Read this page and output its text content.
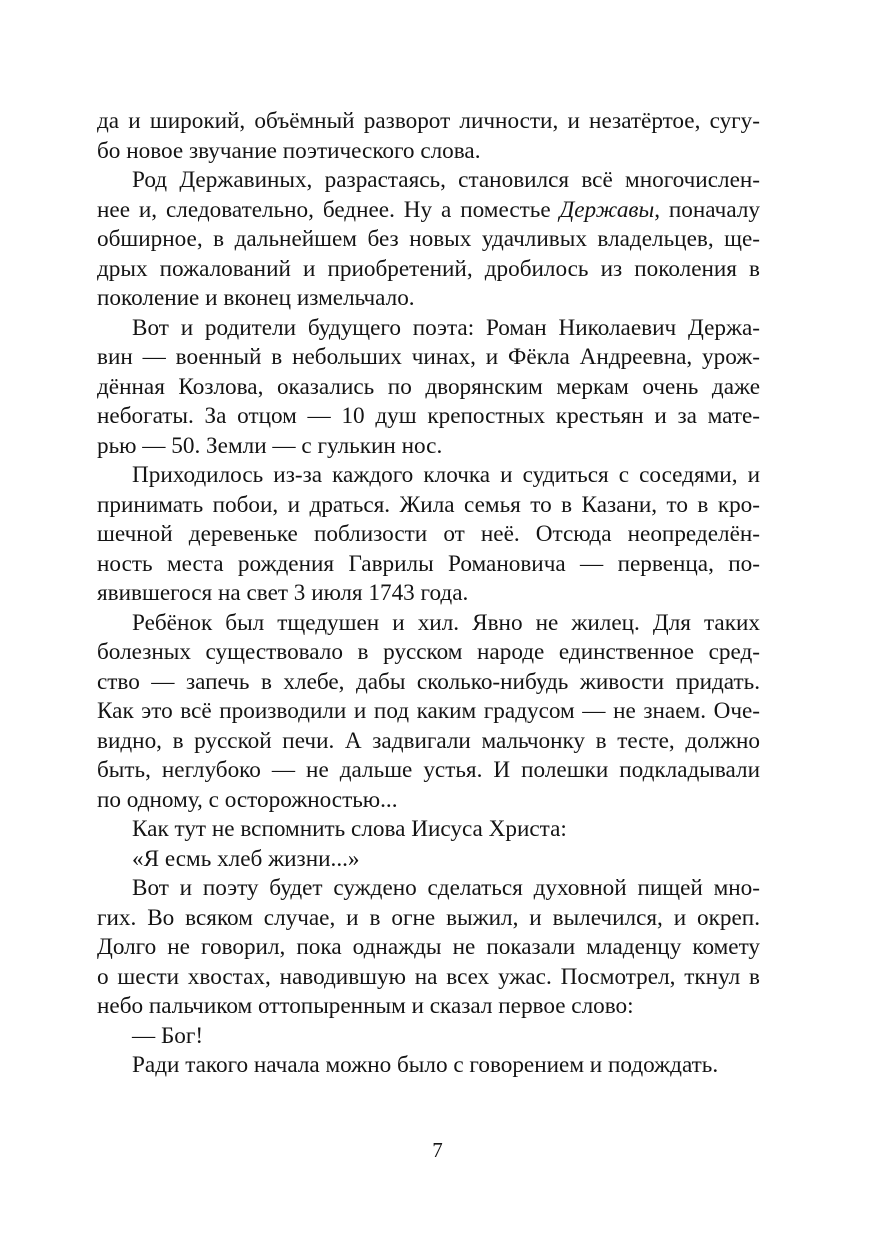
да и широкий, объёмный разворот личности, и незатёртое, сугу-
бо новое звучание поэтического слова.
Род Державиных, разрастаясь, становился всё многочислен-
нее и, следовательно, беднее. Ну а поместье Державы, поначалу
обширное, в дальнейшем без новых удачливых владельцев, ще-
дрых пожалований и приобретений, дробилось из поколения в
поколение и вконец измельчало.
Вот и родители будущего поэта: Роман Николаевич Держа-
вин — военный в небольших чинах, и Фёкла Андреевна, урож-
дённая Козлова, оказались по дворянским меркам очень даже
небогаты. За отцом — 10 душ крепостных крестьян и за мате-
рью — 50. Земли — с гулькин нос.
Приходилось из-за каждого клочка и судиться с соседями, и
принимать побои, и драться. Жила семья то в Казани, то в кро-
шечной деревеньке поблизости от неё. Отсюда неопределён-
ность места рождения Гаврилы Романовича — первенца, по-
явившегося на свет 3 июля 1743 года.
Ребёнок был тщедушен и хил. Явно не жилец. Для таких
болезных существовало в русском народе единственное сред-
ство — запечь в хлебе, дабы сколько-нибудь живости придать.
Как это всё производили и под каким градусом — не знаем. Оче-
видно, в русской печи. А задвигали мальчонку в тесте, должно
быть, неглубоко — не дальше устья. И полешки подкладывали
по одному, с осторожностью...
Как тут не вспомнить слова Иисуса Христа:
«Я есмь хлеб жизни...»
Вот и поэту будет суждено сделаться духовной пищей мно-
гих. Во всяком случае, и в огне выжил, и вылечился, и окреп.
Долго не говорил, пока однажды не показали младенцу комету
о шести хвостах, наводившую на всех ужас. Посмотрел, ткнул в
небо пальчиком оттопыренным и сказал первое слово:
— Бог!
Ради такого начала можно было с говорением и подождать.
7
